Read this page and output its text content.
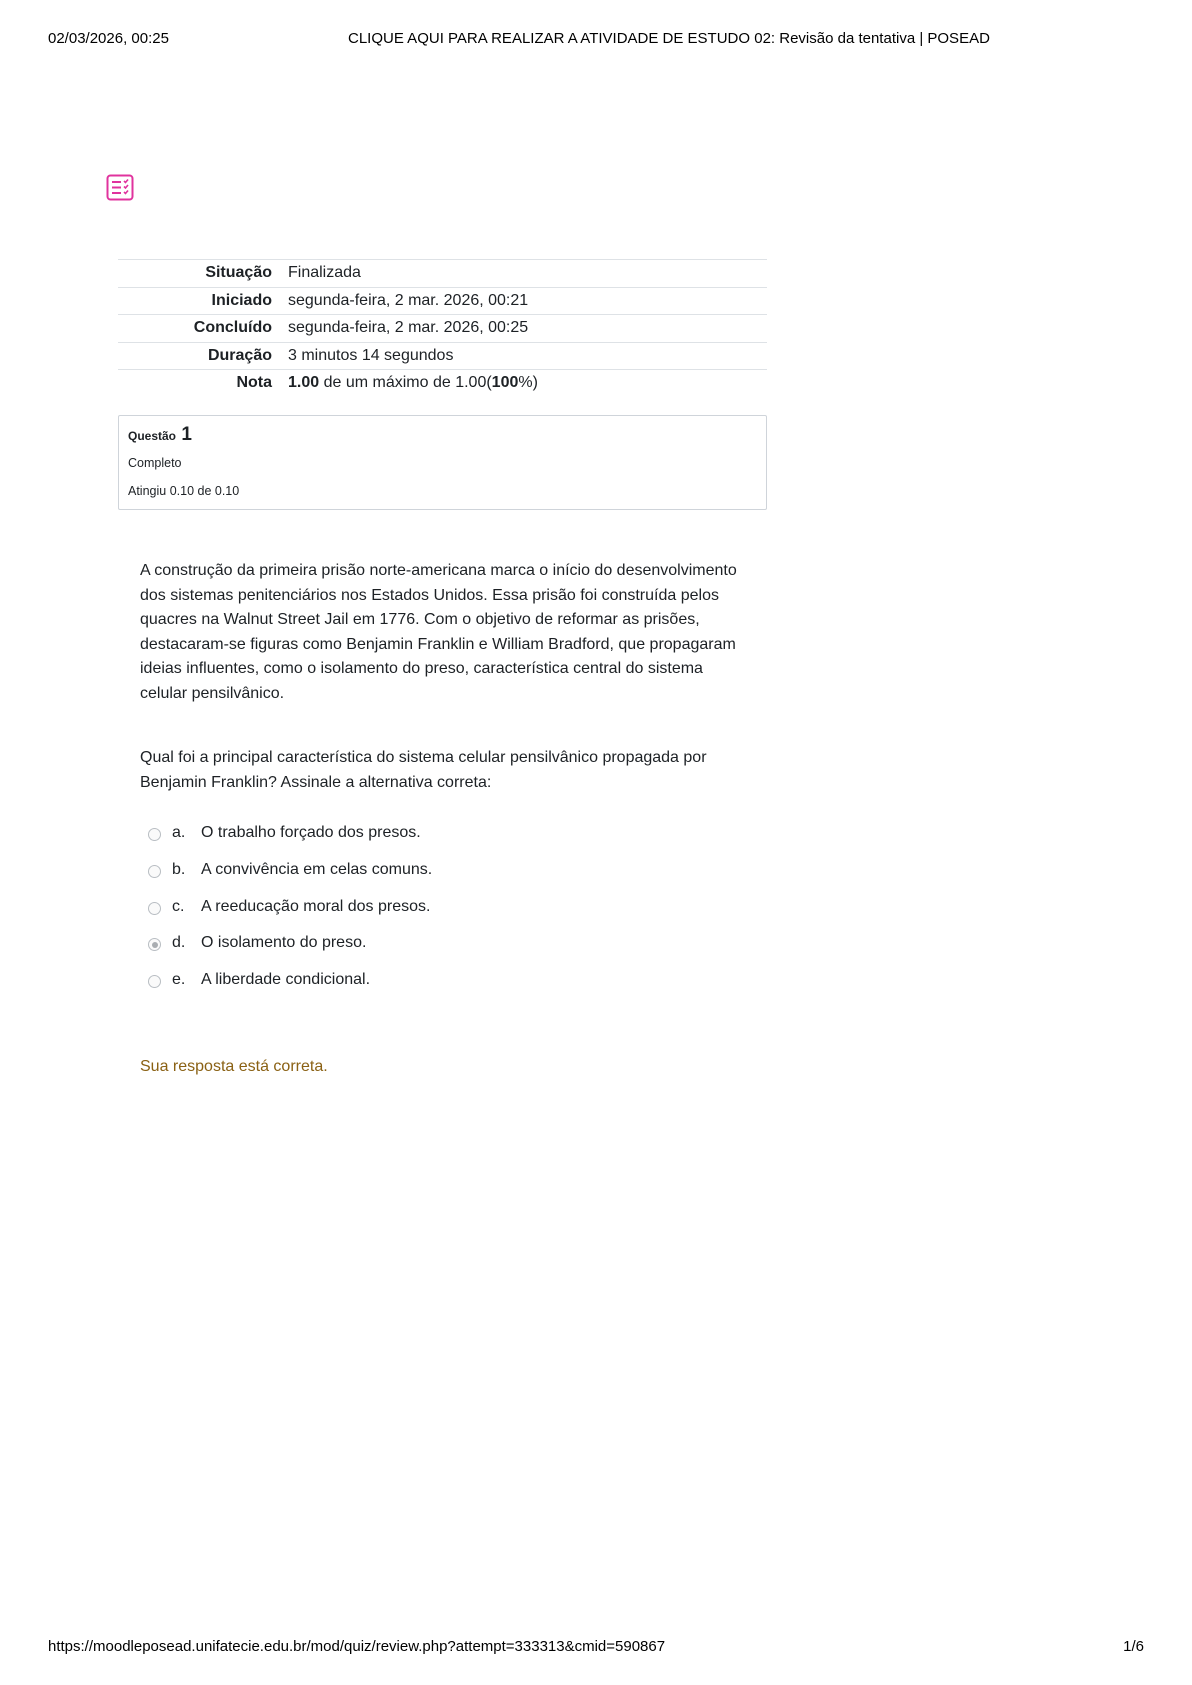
02/03/2026, 00:25	CLIQUE AQUI PARA REALIZAR A ATIVIDADE DE ESTUDO 02: Revisão da tentativa | POSEAD
Situação	Finalizada
Iniciado	segunda-feira, 2 mar. 2026, 00:21
Concluído	segunda-feira, 2 mar. 2026, 00:25
Duração	3 minutos 14 segundos
Nota	1.00 de um máximo de 1.00(100%)
Questão 1
Completo
Atingiu 0.10 de 0.10

A construção da primeira prisão norte-americana marca o início do desenvolvimento dos sistemas penitenciários nos Estados Unidos. Essa prisão foi construída pelos quacres na Walnut Street Jail em 1776. Com o objetivo de reformar as prisões, destacaram-se figuras como Benjamin Franklin e William Bradford, que propagaram ideias influentes, como o isolamento do preso, característica central do sistema celular pensilvânico.

Qual foi a principal característica do sistema celular pensilvânico propagada por Benjamin Franklin? Assinale a alternativa correta:

a. O trabalho forçado dos presos.
b. A convivência em celas comuns.
c. A reeducação moral dos presos.
d. O isolamento do preso.
e. A liberdade condicional.
Sua resposta está correta.
https://moodleposead.unifatecie.edu.br/mod/quiz/review.php?attempt=333313&cmid=590867	1/6
